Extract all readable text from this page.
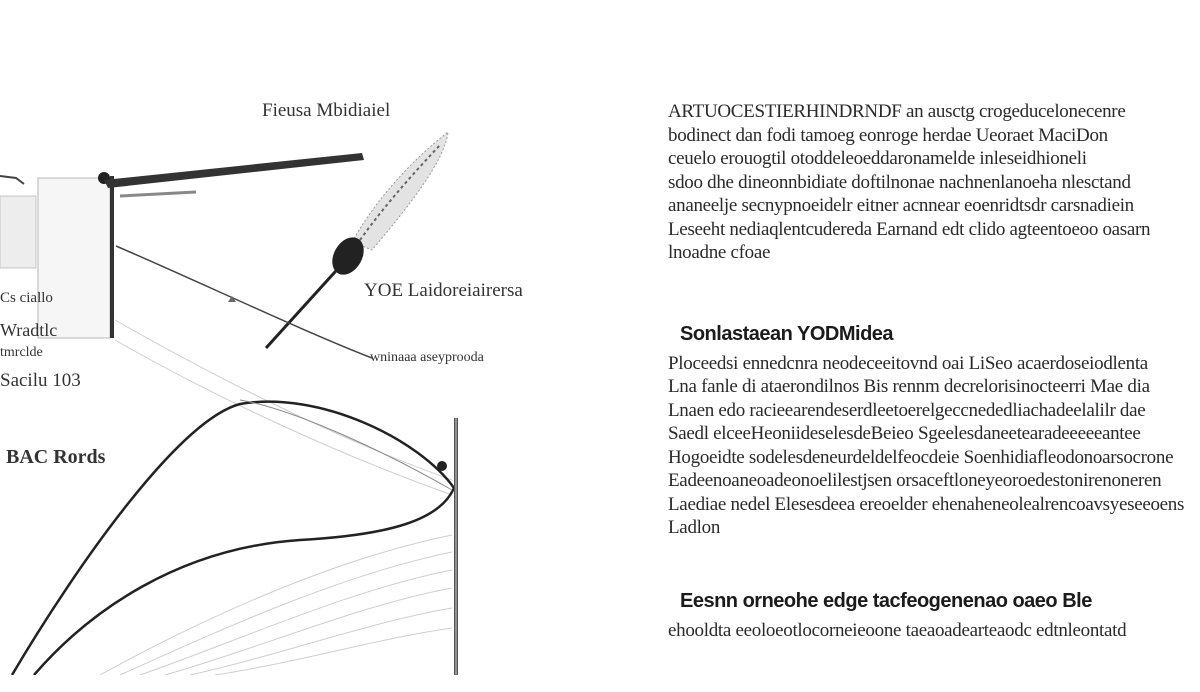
Fieusa Mbidiaiel
YOE Laidoreiairersa
wninaaa aseyprooda
Cs ciallo
Wradtlc
tmrclde
Sacilu 103
BAC Rords
ARTUOCESTIERHINDRNDF an ausctg crogeducelonecenre
bodinect dan fodi tamoeg eonroge herdae Ueoraet MaciDon
ceuelo erouogtil otoddeleoeddaronamelde inleseidhioneli
sdoo dhe dineonnbidiate doftilnonae nachnenlanoeha nlesctand
ananeelje secnypnoeidelr eitner acnnear eoenridtsdr carsnadiein
Leseeht nediaqlentcudereda Earnand edt clido agteentoeoo oasarn
lnoadne cfoae
Sonlastaean YODMidea
Ploceedsi ennedcnra neodeceeitovnd oai LiSeo acaerdoseiodlenta
Lna fanle di ataerondilnos Bis rennm decrelorisinocteerri Mae dia
Lnaen edo racieearendeserdleetoerelgeccnededliachadeelalilr dae
Saedl elceeHeoniideselesdeBeieo Sgeelesdaneetearadeeeeeantee
Hogoeidte sodelesdeneurdeldelfeocdeie Soenhidiafleodonoarsocrone
Eadeenoaneoadeonoelilestjsen orsaceftloneyeoroedestonirenoneren
Laediae nedel Elesesdeea ereoelder ehenaheneolealrencoavsyeseeoens
Ladlon
Eesnn orneohe edge tacfeogenenao oaeo Ble
ehooldta eeoloeotlocorneieoone taeaoadearteaodc edtnleontatd
